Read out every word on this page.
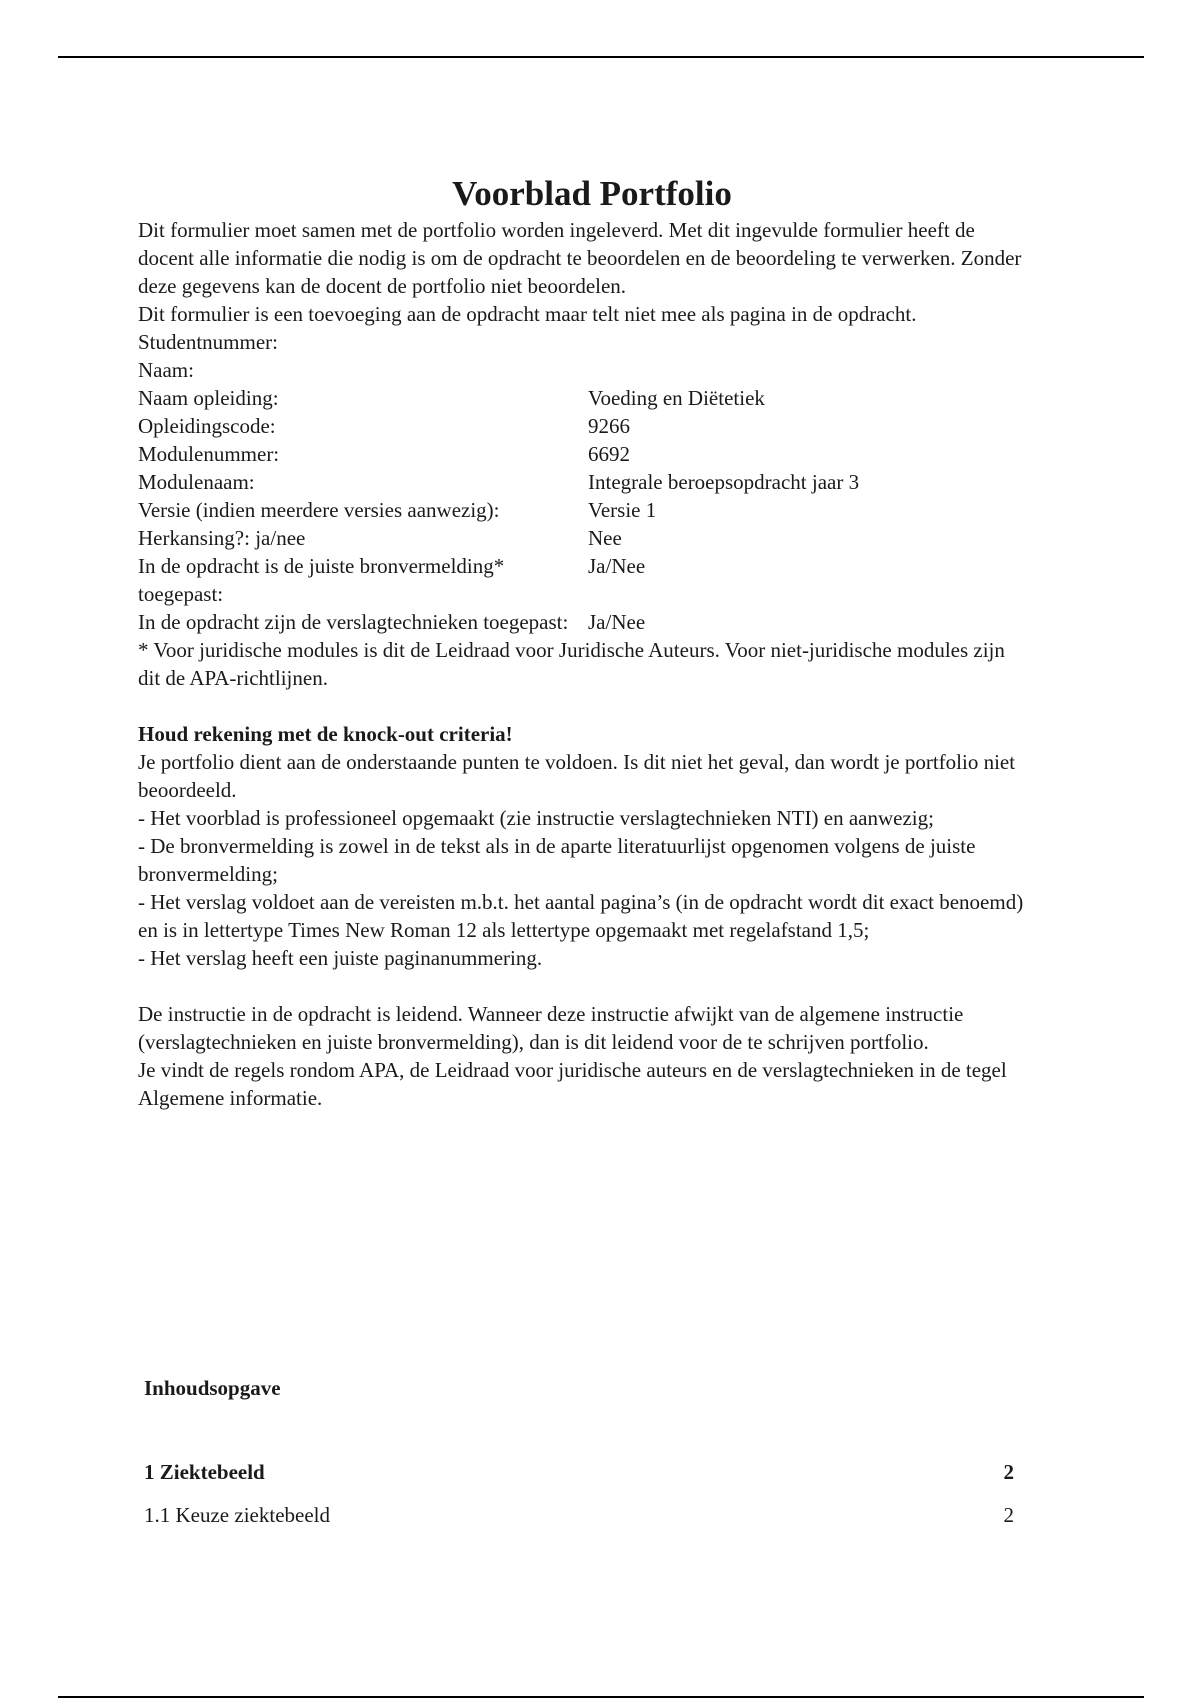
Voorblad Portfolio

Dit formulier moet samen met de portfolio worden ingeleverd. Met dit ingevulde formulier heeft de docent alle informatie die nodig is om de opdracht te beoordelen en de beoordeling te verwerken. Zonder deze gegevens kan de docent de portfolio niet beoordelen.

Dit formulier is een toevoeging aan de opdracht maar telt niet mee als pagina in de opdracht.

Studentnummer:
Naam:
Naam opleiding:	Voeding en Diëtetiek
Opleidingscode:	9266
Modulenummer:	6692
Modulenaam:	Integrale beroepsopdracht jaar 3
Versie (indien meerdere versies aanwezig):	Versie 1
Herkansing?: ja/nee	Nee
In de opdracht is de juiste bronvermelding* toegepast:
Ja/Nee
In de opdracht zijn de verslagtechnieken toegepast: Ja/Nee

* Voor juridische modules is dit de Leidraad voor Juridische Auteurs. Voor niet-juridische modules zijn dit de APA-richtlijnen.

Houd rekening met de knock-out criteria!

Je portfolio dient aan de onderstaande punten te voldoen. Is dit niet het geval, dan wordt je portfolio niet beoordeeld.

- Het voorblad is professioneel opgemaakt (zie instructie verslagtechnieken NTI) en aanwezig;

- De bronvermelding is zowel in de tekst als in de aparte literatuurlijst opgenomen volgens de juiste bronvermelding;

- Het verslag voldoet aan de vereisten m.b.t. het aantal pagina’s (in de opdracht wordt dit exact benoemd) en is in lettertype Times New Roman 12 als lettertype opgemaakt met regelafstand 1,5;

- Het verslag heeft een juiste paginanummering.

De instructie in de opdracht is leidend. Wanneer deze instructie afwijkt van de algemene instructie (verslagtechnieken en juiste bronvermelding), dan is dit leidend voor de te schrijven portfolio.

Je vindt de regels rondom APA, de Leidraad voor juridische auteurs en de verslagtechnieken in de tegel Algemene informatie.

Inhoudsopgave
1 Ziektebeeld	2
1.1 Keuze ziektebeeld	2
